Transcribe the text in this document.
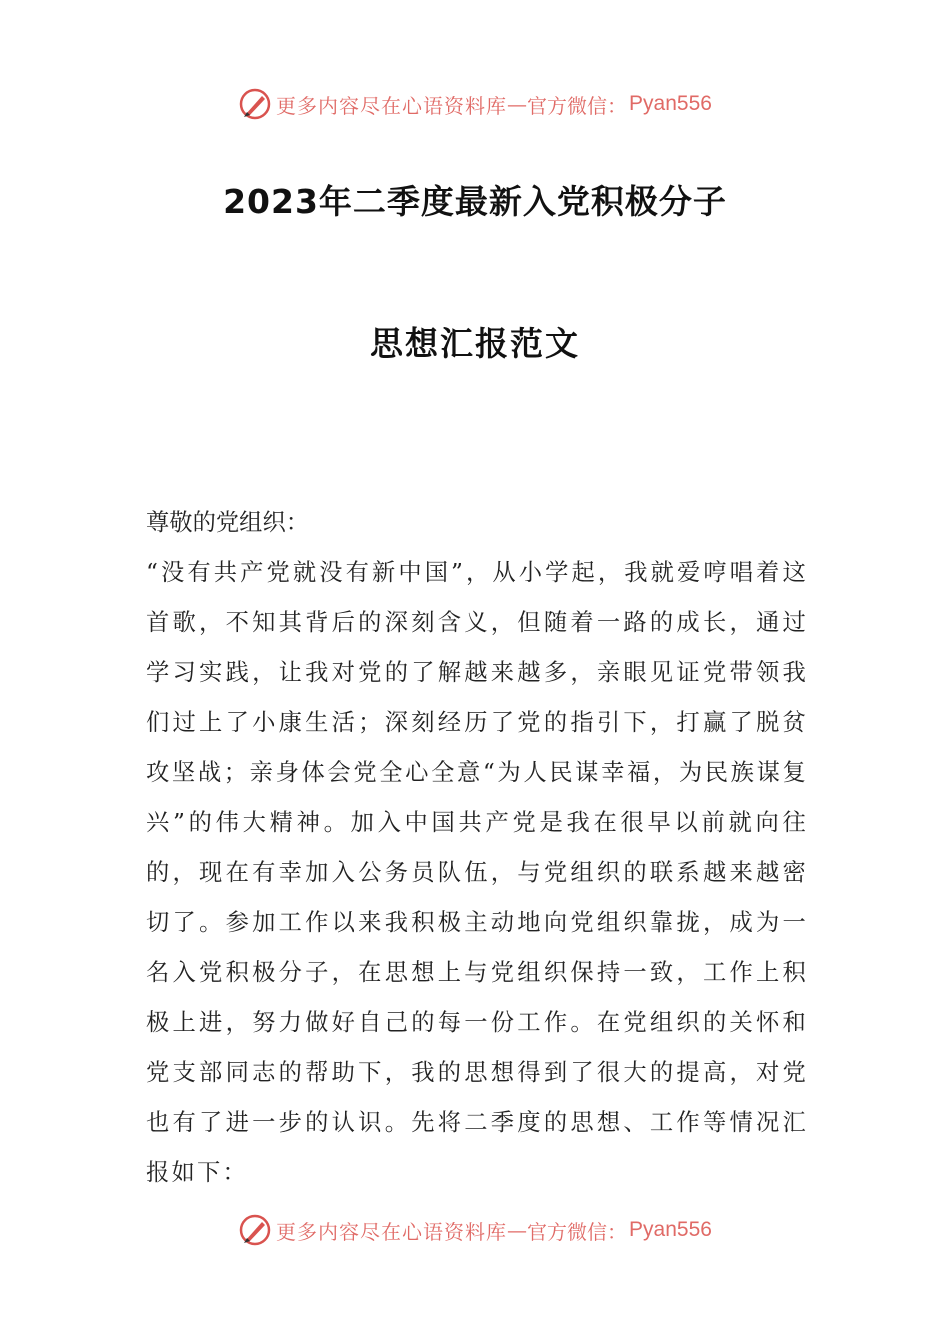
更多内容尽在心语资料库 — 官方微信： Pyan556
2023年二季度最新入党积极分子
思想汇报范文

尊敬的党组织：

“没有共产党就没有新中国”，从小学起，我就爱哼唱着这首歌，不知其背后的深刻含义，但随着一路的成长，通过学习实践，让我对党的了解越来越多，亲眼见证党带领我们过上了小康生活；深刻经历了党的指引下，打赢了脱贫攻坚战；亲身体会党全心全意“为人民谋幸福，为民族谋复兴”的伟大精神。加入中国共产党是我在很早以前就向往的，现在有幸加入公务员队伍，与党组织的联系越来越密切了。参加工作以来我积极主动地向党组织靠拢，成为一名入党积极分子，在思想上与党组织保持一致，工作上积极上进，努力做好自己的每一份工作。在党组织的关怀和党支部同志的帮助下，我的思想得到了很大的提高，对党也有了进一步的认识。先将二季度的思想、工作等情况汇报如下：

更多内容尽在心语资料库 — 官方微信： Pyan556
